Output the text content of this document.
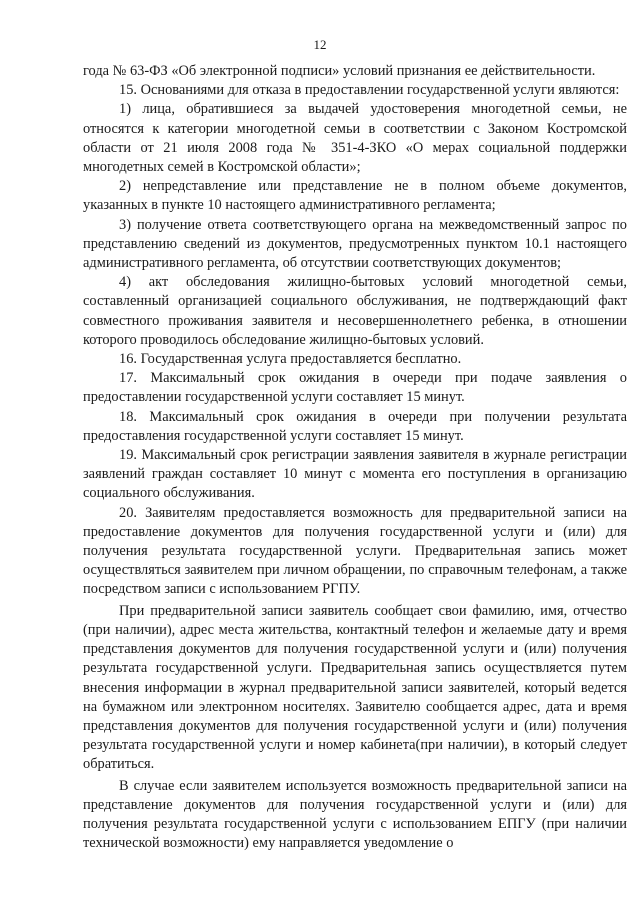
12

года № 63-ФЗ «Об электронной подписи» условий признания ее действительности.

15. Основаниями для отказа в предоставлении государственной услуги являются:

1) лица, обратившиеся за выдачей удостоверения многодетной семьи, не относятся к категории многодетной семьи в соответствии с Законом Костромской области от 21 июля 2008 года № 351-4-ЗКО «О мерах социальной поддержки многодетных семей в Костромской области»;

2) непредставление или представление не в полном объеме документов, указанных в пункте 10 настоящего административного регламента;

3) получение ответа соответствующего органа на межведомственный запрос по представлению сведений из документов, предусмотренных пунктом 10.1 настоящего административного регламента, об отсутствии соответствующих документов;

4) акт обследования жилищно-бытовых условий многодетной семьи, составленный организацией социального обслуживания, не подтверждающий факт совместного проживания заявителя и несовершеннолетнего ребенка, в отношении которого проводилось обследование жилищно-бытовых условий.

16. Государственная услуга предоставляется бесплатно.

17. Максимальный срок ожидания в очереди при подаче заявления о предоставлении государственной услуги составляет 15 минут.

18. Максимальный срок ожидания в очереди при получении результата предоставления государственной услуги составляет 15 минут.

19. Максимальный срок регистрации заявления заявителя в журнале регистрации заявлений граждан составляет 10 минут с момента его поступления в организацию социального обслуживания.

20. Заявителям предоставляется возможность для предварительной записи на предоставление документов для получения государственной услуги и (или) для получения результата государственной услуги. Предварительная запись может осуществляться заявителем при личном обращении, по справочным телефонам, а также посредством записи с использованием РГПУ.

При предварительной записи заявитель сообщает свои фамилию, имя, отчество (при наличии), адрес места жительства, контактный телефон и желаемые дату и время представления документов для получения государственной услуги и (или) получения результата государственной услуги. Предварительная запись осуществляется путем внесения информации в журнал предварительной записи заявителей, который ведется на бумажном или электронном носителях. Заявителю сообщается адрес, дата и время представления документов для получения государственной услуги и (или) получения результата государственной услуги и номер кабинета(при наличии), в который следует обратиться.

В случае если заявителем используется возможность предварительной записи на представление документов для получения государственной услуги и (или) для получения результата государственной услуги с использованием ЕПГУ (при наличии технической возможности) ему направляется уведомление о
